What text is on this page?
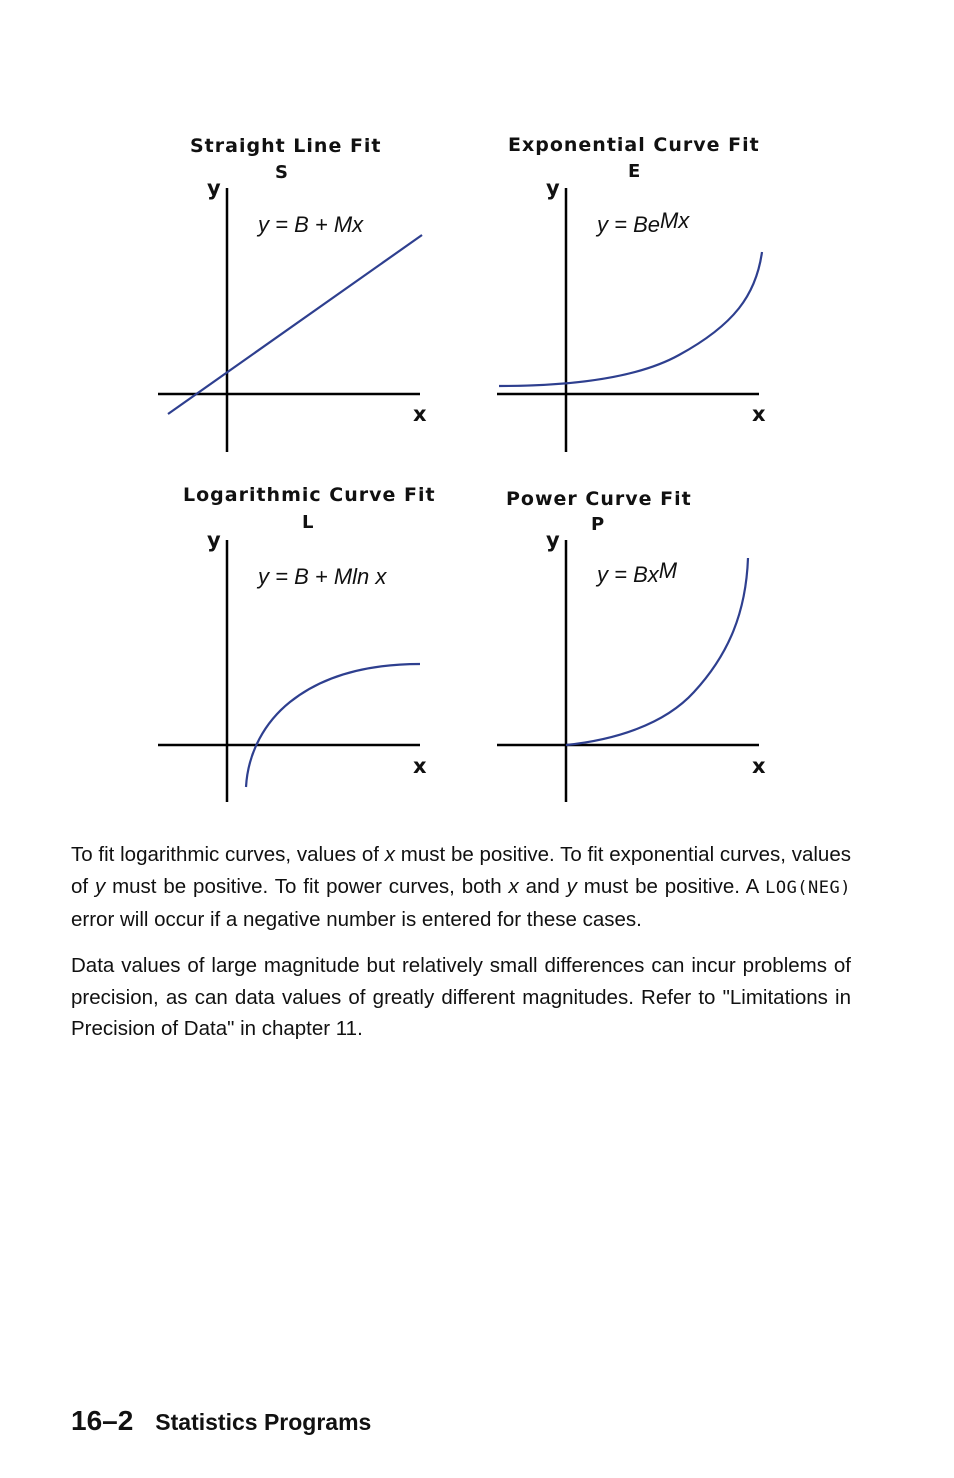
Straight Line Fit
S
y
x
y = B + Mx
Exponential Curve Fit
E
y
x
$y = Be^{Mx}$
Logarithmic Curve Fit
L
y
x
y = B + Mln x
Power Curve Fit
P
y
x
$y = Bx^M$
To fit logarithmic curves, values of x must be positive. To fit exponential curves, values of y must be positive. To fit power curves, both x and y must be positive. A LOG(NEG) error will occur if a negative number is entered for these cases.
Data values of large magnitude but relatively small differences can incur problems of precision, as can data values of greatly different magnitudes. Refer to "Limitations in Precision of Data" in chapter 11.
16–2 Statistics Programs
